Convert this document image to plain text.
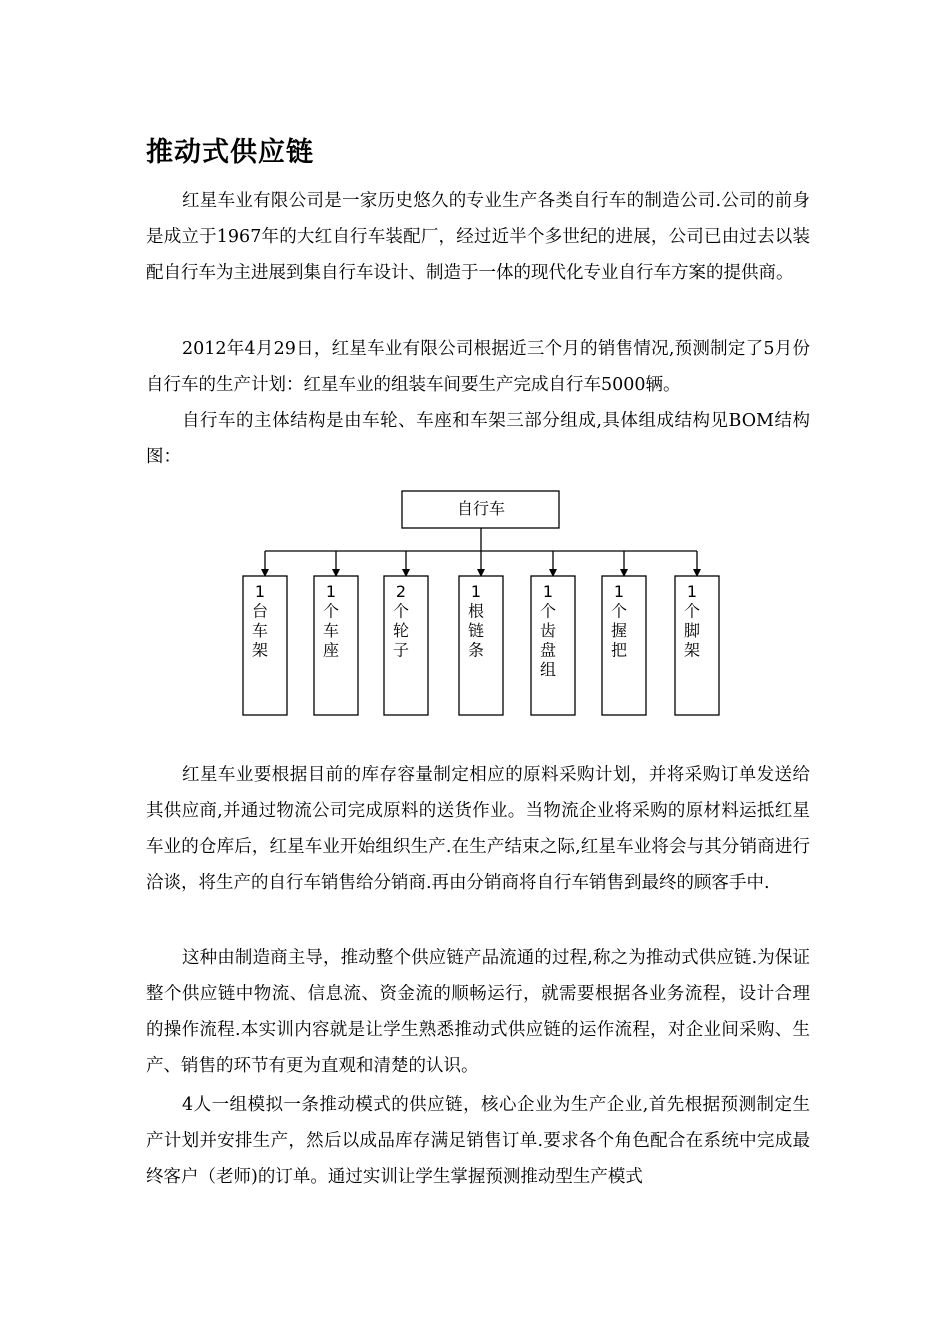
推动式供应链

红星车业有限公司是一家历史悠久的专业生产各类自行车的制造公司.公司的前身是成立于1967年的大红自行车装配厂，经过近半个多世纪的进展，公司已由过去以装配自行车为主进展到集自行车设计、制造于一体的现代化专业自行车方案的提供商。

2012年4月29日，红星车业有限公司根据近三个月的销售情况,预测制定了5月份自行车的生产计划：红星车业的组装车间要生产完成自行车5000辆。

自行车的主体结构是由车轮、车座和车架三部分组成,具体组成结构见BOM结构图：

自行车
1
台
车
架
1
个
车
座
2
个
轮
子
1
根
链
条
1
个
齿
盘
组
1
个
握
把
1
个
脚
架

红星车业要根据目前的库存容量制定相应的原料采购计划，并将采购订单发送给其供应商,并通过物流公司完成原料的送货作业。当物流企业将采购的原材料运抵红星车业的仓库后，红星车业开始组织生产.在生产结束之际,红星车业将会与其分销商进行洽谈，将生产的自行车销售给分销商.再由分销商将自行车销售到最终的顾客手中.

这种由制造商主导，推动整个供应链产品流通的过程,称之为推动式供应链.为保证整个供应链中物流、信息流、资金流的顺畅运行，就需要根据各业务流程，设计合理的操作流程.本实训内容就是让学生熟悉推动式供应链的运作流程，对企业间采购、生产、销售的环节有更为直观和清楚的认识。

4人一组模拟一条推动模式的供应链，核心企业为生产企业,首先根据预测制定生产计划并安排生产，然后以成品库存满足销售订单.要求各个角色配合在系统中完成最终客户（老师)的订单。通过实训让学生掌握预测推动型生产模式
